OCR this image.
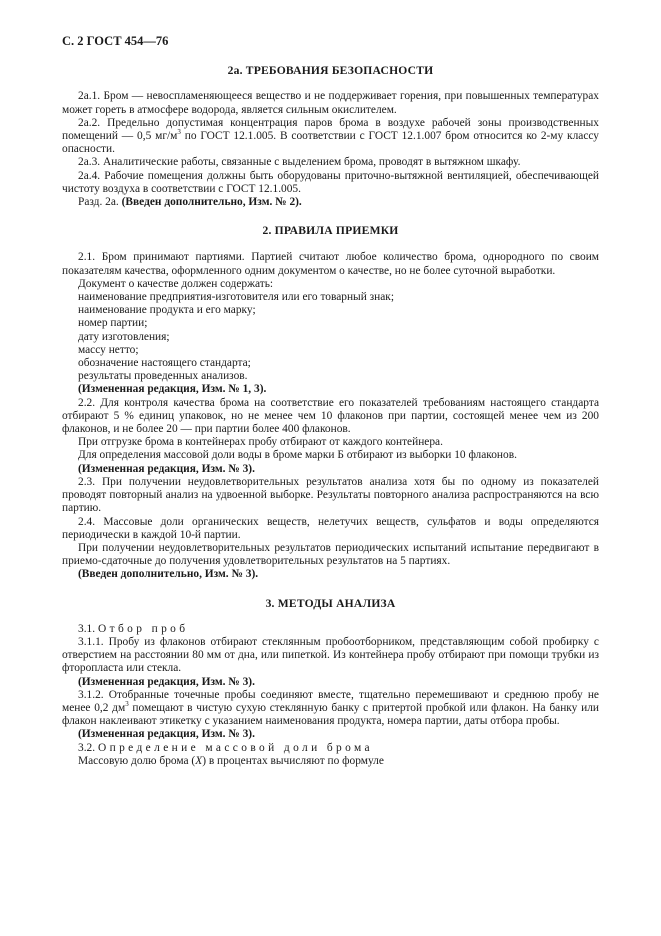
С. 2 ГОСТ 454—76
2а. ТРЕБОВАНИЯ БЕЗОПАСНОСТИ

2а.1. Бром — невоспламеняющееся вещество и не поддерживает горения, при повышенных температурах может гореть в атмосфере водорода, является сильным окислителем.

2а.2. Предельно допустимая концентрация паров брома в воздухе рабочей зоны производственных помещений — 0,5 $мг/м^3$ по ГОСТ 12.1.005. В соответствии с ГОСТ 12.1.007 бром относится ко 2-му классу опасности.

2а.3. Аналитические работы, связанные с выделением брома, проводят в вытяжном шкафу.

2а.4. Рабочие помещения должны быть оборудованы приточно-вытяжной вентиляцией, обеспечивающей чистоту воздуха в соответствии с ГОСТ 12.1.005.

Разд. 2а. (Введен дополнительно, Изм. № 2).

2. ПРАВИЛА ПРИЕМКИ

2.1. Бром принимают партиями. Партией считают любое количество брома, однородного по своим показателям качества, оформленного одним документом о качестве, но не более суточной выработки.

Документ о качестве должен содержать:

наименование предприятия-изготовителя или его товарный знак;

наименование продукта и его марку;

номер партии;

дату изготовления;

массу нетто;

обозначение настоящего стандарта;

результаты проведенных анализов.

(Измененная редакция, Изм. № 1, 3).

2.2. Для контроля качества брома на соответствие его показателей требованиям настоящего стандарта отбирают 5 % единиц упаковок, но не менее чем 10 флаконов при партии, состоящей менее чем из 200 флаконов, и не более 20 — при партии более 400 флаконов.

При отгрузке брома в контейнерах пробу отбирают от каждого контейнера.

Для определения массовой доли воды в броме марки Б отбирают из выборки 10 флаконов.

(Измененная редакция, Изм. № 3).

2.3. При получении неудовлетворительных результатов анализа хотя бы по одному из показателей проводят повторный анализ на удвоенной выборке. Результаты повторного анализа распространяются на всю партию.

2.4. Массовые доли органических веществ, нелетучих веществ, сульфатов и воды определяются периодически в каждой 10-й партии.

При получении неудовлетворительных результатов периодических испытаний испытание передвигают в приемо-сдаточные до получения удовлетворительных результатов на 5 партиях.

(Введен дополнительно, Изм. № 3).

3. МЕТОДЫ АНАЛИЗА

3.1. Отбор проб

3.1.1. Пробу из флаконов отбирают стеклянным пробоотборником, представляющим собой пробирку с отверстием на расстоянии 80 мм от дна, или пипеткой. Из контейнера пробу отбирают при помощи трубки из фторопласта или стекла.

(Измененная редакция, Изм. № 3).

3.1.2. Отобранные точечные пробы соединяют вместе, тщательно перемешивают и среднюю пробу не менее 0,2 $дм^3$ помещают в чистую сухую стеклянную банку с притертой пробкой или флакон. На банку или флакон наклеивают этикетку с указанием наименования продукта, номера партии, даты отбора пробы.

(Измененная редакция, Изм. № 3).

3.2. Определение массовой доли брома

Массовую долю брома (X) в процентах вычисляют по формуле
